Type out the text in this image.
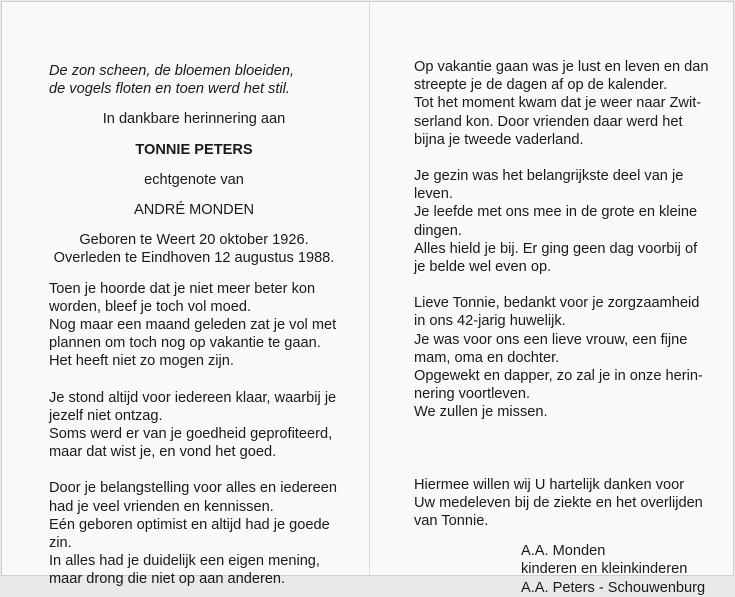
De zon scheen, de bloemen bloeiden,
de vogels floten en toen werd het stil.
In dankbare herinnering aan
TONNIE PETERS
echtgenote van
ANDRÉ MONDEN
Geboren te Weert 20 oktober 1926.
Overleden te Eindhoven 12 augustus 1988.
Toen je hoorde dat je niet meer beter kon
worden, bleef je toch vol moed.
Nog maar een maand geleden zat je vol met
plannen om toch nog op vakantie te gaan.
Het heeft niet zo mogen zijn.
Je stond altijd voor iedereen klaar, waarbij je
jezelf niet ontzag.
Soms werd er van je goedheid geprofiteerd,
maar dat wist je, en vond het goed.
Door je belangstelling voor alles en iedereen
had je veel vrienden en kennissen.
Eén geboren optimist en altijd had je goede
zin.
In alles had je duidelijk een eigen mening,
maar drong die niet op aan anderen.
Op vakantie gaan was je lust en leven en dan
streepte je de dagen af op de kalender.
Tot het moment kwam dat je weer naar Zwit-
serland kon. Door vrienden daar werd het
bijna je tweede vaderland.
Je gezin was het belangrijkste deel van je
leven.
Je leefde met ons mee in de grote en kleine
dingen.
Alles hield je bij. Er ging geen dag voorbij of
je belde wel even op.
Lieve Tonnie, bedankt voor je zorgzaamheid
in ons 42-jarig huwelijk.
Je was voor ons een lieve vrouw, een fijne
mam, oma en dochter.
Opgewekt en dapper, zo zal je in onze herin-
nering voortleven.
We zullen je missen.
Hiermee willen wij U hartelijk danken voor
Uw medeleven bij de ziekte en het overlijden
van Tonnie.
A.A. Monden
kinderen en kleinkinderen
A.A. Peters - Schouwenburg
